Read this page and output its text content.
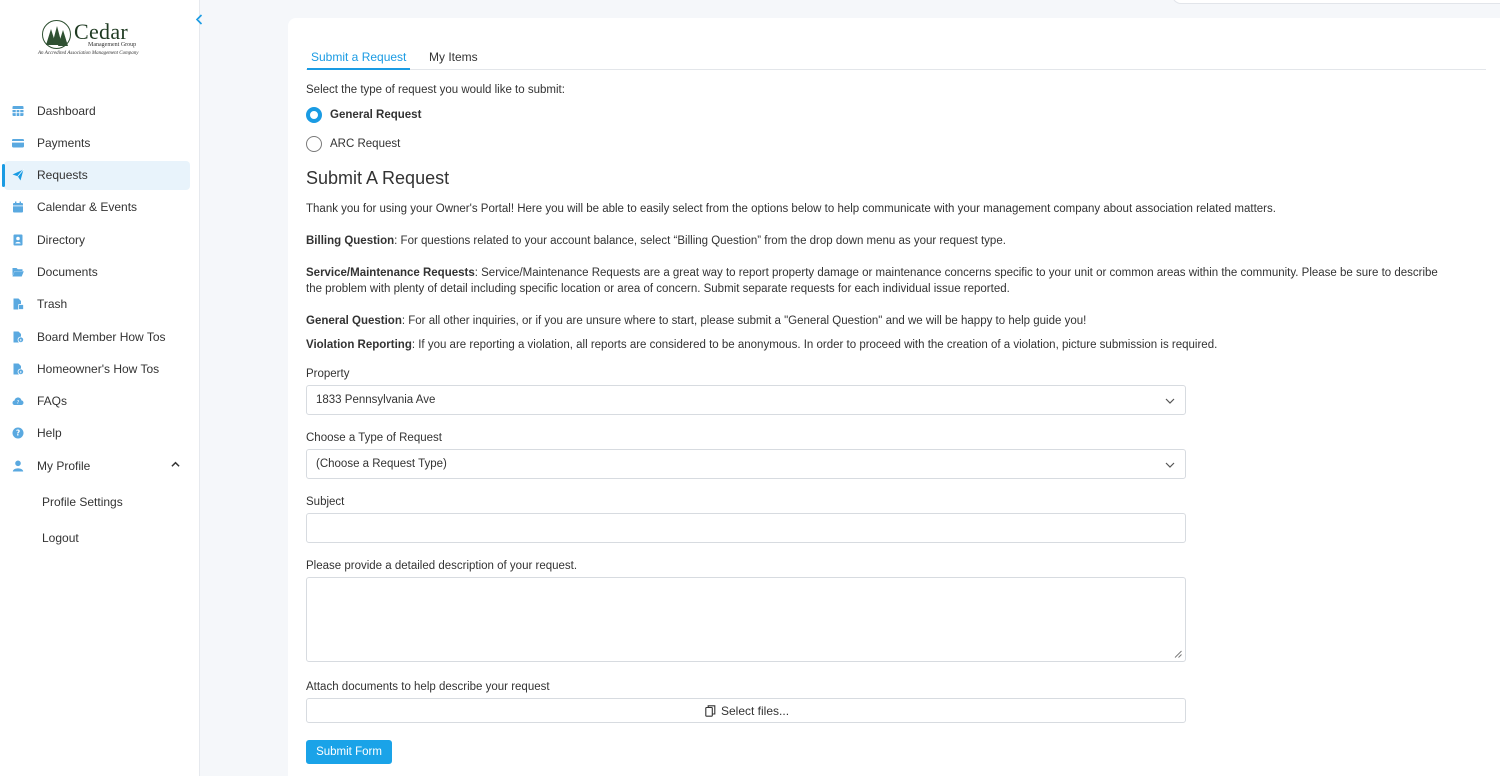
Cedar
Management Group
An Accredited Association Management Company
Dashboard
Payments
Requests
Calendar & Events
Directory
Documents
Trash
Board Member How Tos
Homeowner's How Tos
? FAQs
? Help
My Profile
Profile Settings
Logout
Submit a Request My Items
Select the type of request you would like to submit:
General Request
ARC Request
Submit A Request
Thank you for using your Owner's Portal! Here you will be able to easily select from the options below to help communicate with your management company about association related matters.
Billing Question: For questions related to your account balance, select “Billing Question” from the drop down menu as your request type.
Service/Maintenance Requests: Service/Maintenance Requests are a great way to report property damage or maintenance concerns specific to your unit or common areas within the community. Please be sure to describe
the problem with plenty of detail including specific location or area of concern. Submit separate requests for each individual issue reported.
General Question: For all other inquiries, or if you are unsure where to start, please submit a "General Question" and we will be happy to help guide you!
Violation Reporting: If you are reporting a violation, all reports are considered to be anonymous. In order to proceed with the creation of a violation, picture submission is required.
Property
1833 Pennsylvania Ave
Choose a Type of Request
(Choose a Request Type)
Subject
Please provide a detailed description of your request.
Attach documents to help describe your request
Select files...
Submit Form
